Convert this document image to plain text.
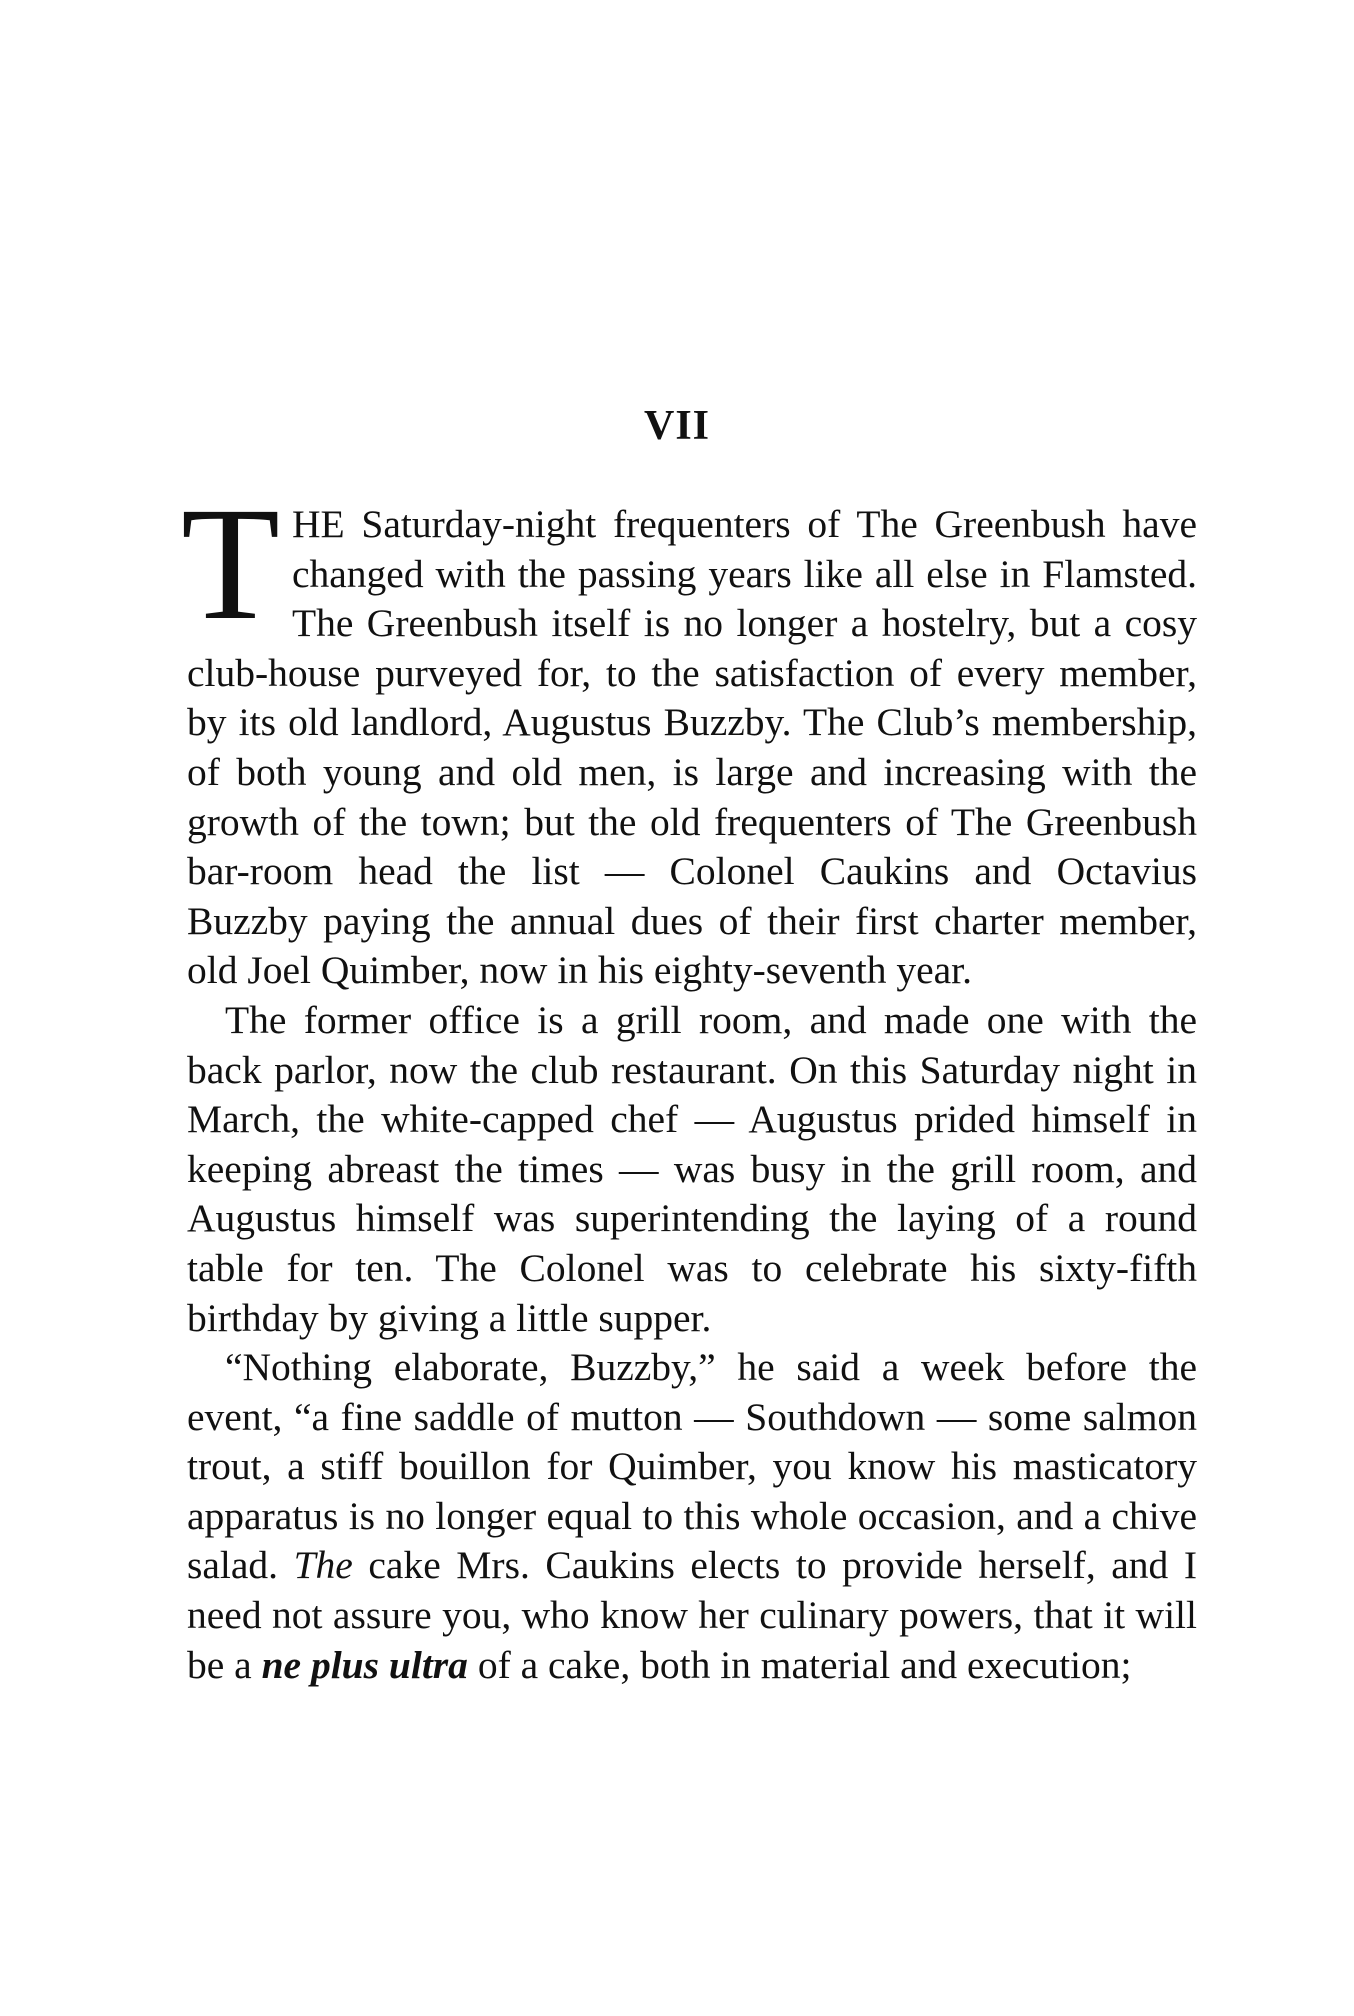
VII

THE Saturday-night frequenters of The Greenbush have changed with the passing years like all else in Flamsted. The Greenbush itself is no longer a hostelry, but a cosy club-house purveyed for, to the satisfaction of every member, by its old landlord, Augustus Buzzby. The Club’s membership, of both young and old men, is large and increasing with the growth of the town; but the old frequenters of The Greenbush bar-room head the list — Colonel Caukins and Octavius Buzzby paying the annual dues of their first charter member, old Joel Quimber, now in his eighty-seventh year.

The former office is a grill room, and made one with the back parlor, now the club restaurant. On this Saturday night in March, the white-capped chef — Augustus prided himself in keeping abreast the times — was busy in the grill room, and Augustus himself was superintending the laying of a round table for ten. The Colonel was to celebrate his sixty-fifth birthday by giving a little supper.

“Nothing elaborate, Buzzby,” he said a week before the event, “a fine saddle of mutton — Southdown — some salmon trout, a stiff bouillon for Quimber, you know his masticatory apparatus is no longer equal to this whole occasion, and a chive salad. The cake Mrs. Caukins elects to provide herself, and I need not assure you, who know her culinary powers, that it will be a ne plus ultra of a cake, both in material and execution;
